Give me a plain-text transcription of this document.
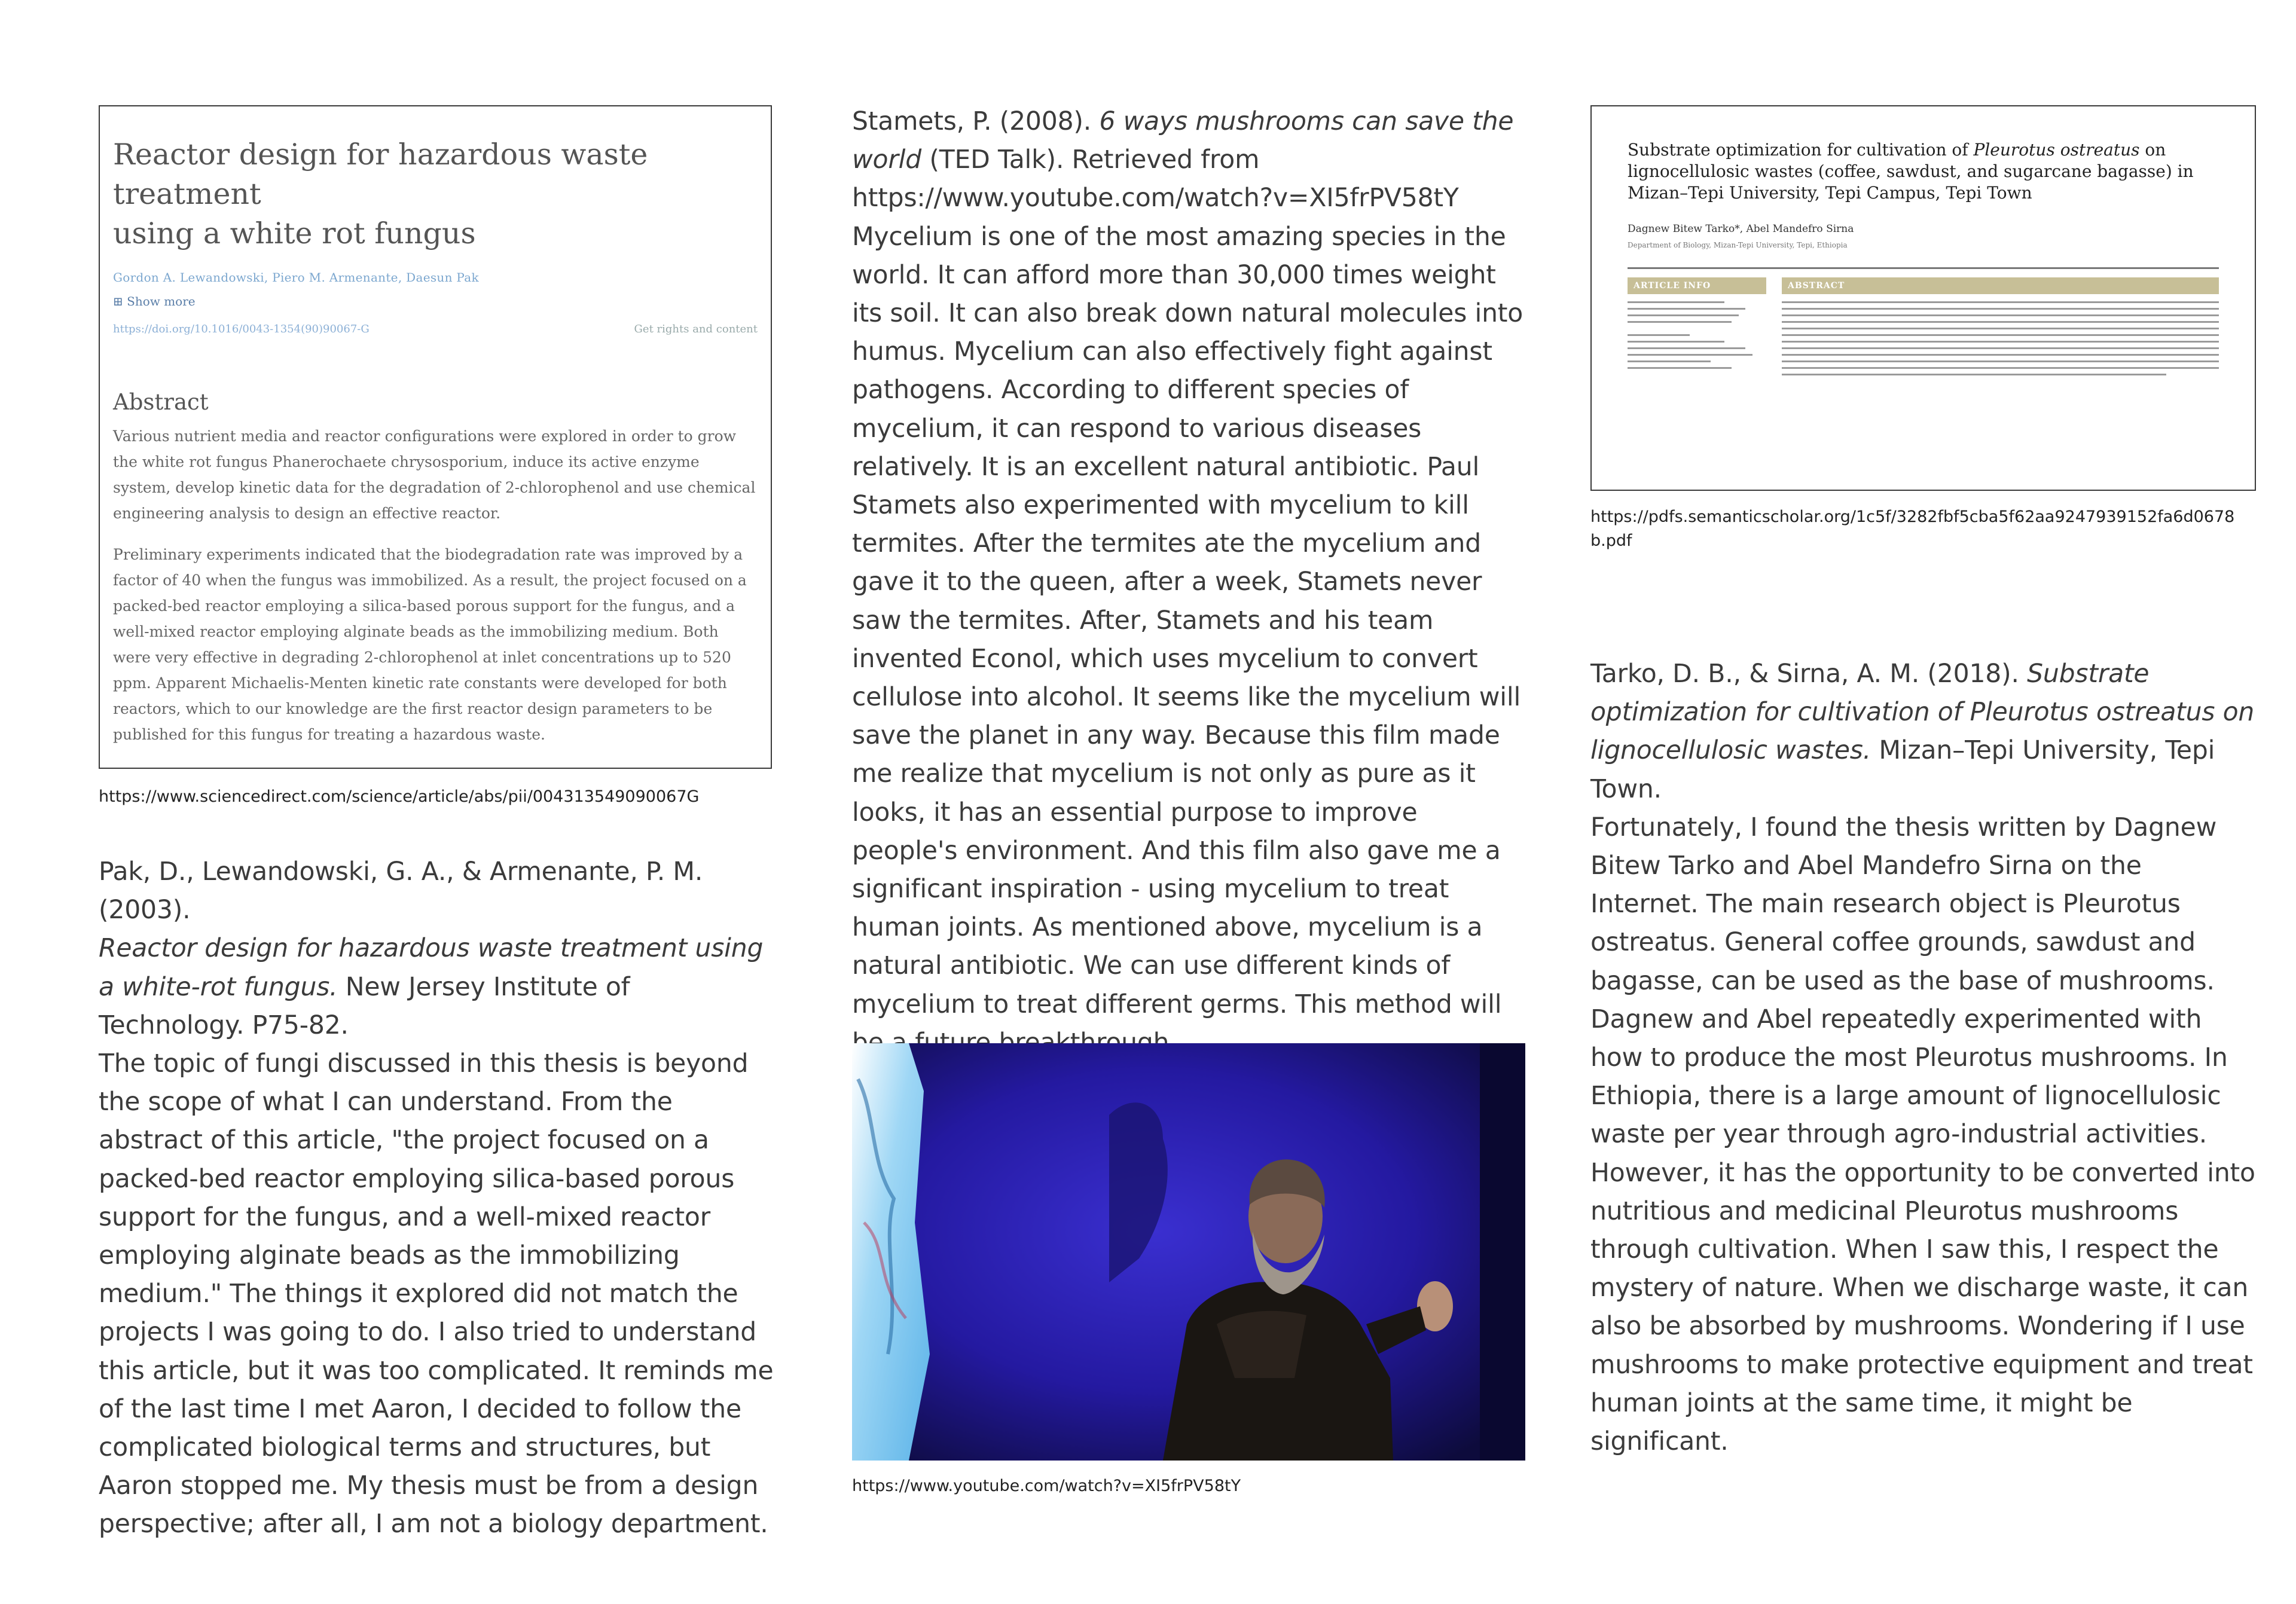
Reactor design for hazardous waste treatment
using a white rot fungus
Gordon A. Lewandowski, Piero M. Armenante, Daesun Pak
⊞ Show more
https://doi.org/10.1016/0043-1354(90)90067-G	Get rights and content
Abstract

Various nutrient media and reactor configurations were explored in order to grow the white rot fungus Phanerochaete chrysosporium, induce its active enzyme system, develop kinetic data for the degradation of 2-chlorophenol and use chemical engineering analysis to design an effective reactor.

Preliminary experiments indicated that the biodegradation rate was improved by a factor of 40 when the fungus was immobilized. As a result, the project focused on a packed-bed reactor employing a silica-based porous support for the fungus, and a well-mixed reactor employing alginate beads as the immobilizing medium. Both were very effective in degrading 2-chlorophenol at inlet concentrations up to 520 ppm. Apparent Michaelis-Menten kinetic rate constants were developed for both reactors, which to our knowledge are the first reactor design parameters to be published for this fungus for treating a hazardous waste.

https://www.sciencedirect.com/science/article/abs/pii/004313549090067G
Pak, D., Lewandowski, G. A., & Armenante, P. M. (2003).
Reactor design for hazardous waste treatment using a white-rot fungus. New Jersey Institute of Technology. P75-82.
The topic of fungi discussed in this thesis is beyond the scope of what I can understand. From the abstract of this article, "the project focused on a packed-bed reactor employing silica-based porous support for the fungus, and a well-mixed reactor employing alginate beads as the immobilizing medium." The things it explored did not match the projects I was going to do. I also tried to understand this article, but it was too complicated. It reminds me of the last time I met Aaron, I decided to follow the complicated biological terms and structures, but Aaron stopped me. My thesis must be from a design perspective; after all, I am not a biology department.
Stamets, P. (2008). 6 ways mushrooms can save the world (TED Talk). Retrieved from https://www.youtube.com/watch?v=XI5frPV58tY
Mycelium is one of the most amazing species in the world. It can afford more than 30,000 times weight its soil. It can also break down natural molecules into humus. Mycelium can also effectively fight against pathogens. According to different species of mycelium, it can respond to various diseases relatively. It is an excellent natural antibiotic. Paul Stamets also experimented with mycelium to kill termites. After the termites ate the mycelium and gave it to the queen, after a week, Stamets never saw the termites. After, Stamets and his team invented Econol, which uses mycelium to convert cellulose into alcohol. It seems like the mycelium will save the planet in any way. Because this film made me realize that mycelium is not only as pure as it looks, it has an essential purpose to improve people's environment. And this film also gave me a significant inspiration - using mycelium to treat human joints. As mentioned above, mycelium is a natural antibiotic. We can use different kinds of mycelium to treat different germs. This method will
https://www.youtube.com/watch?v=XI5frPV58tY
Substrate optimization for cultivation of Pleurotus ostreatus on
lignocellulosic wastes (coffee, sawdust, and sugarcane bagasse) in
Mizan–Tepi University, Tepi Campus, Tepi Town
Dagnew Bitew Tarko*, Abel Mandefro Sirna
Department of Biology, Mizan-Tepi University, Tepi, Ethiopia
ARTICLE INFO	ABSTRACT
https://pdfs.semanticscholar.org/1c5f/3282fbf5cba5f62aa9247939152fa6d0678b.pdf
Tarko, D. B., & Sirna, A. M. (2018). Substrate optimization for cultivation of Pleurotus ostreatus on lignocellulosic wastes. Mizan–Tepi University, Tepi Town.
Fortunately, I found the thesis written by Dagnew Bitew Tarko and Abel Mandefro Sirna on the Internet. The main research object is Pleurotus ostreatus. General coffee grounds, sawdust and bagasse, can be used as the base of mushrooms. Dagnew and Abel repeatedly experimented with how to produce the most Pleurotus mushrooms. In Ethiopia, there is a large amount of lignocellulosic waste per year through agro-industrial activities. However, it has the opportunity to be converted into nutritious and medicinal Pleurotus mushrooms through cultivation. When I saw this, I respect the mystery of nature. When we discharge waste, it can also be absorbed by mushrooms. Wondering if I use mushrooms to make protective equipment and treat human joints at the same time, it might be significant.
